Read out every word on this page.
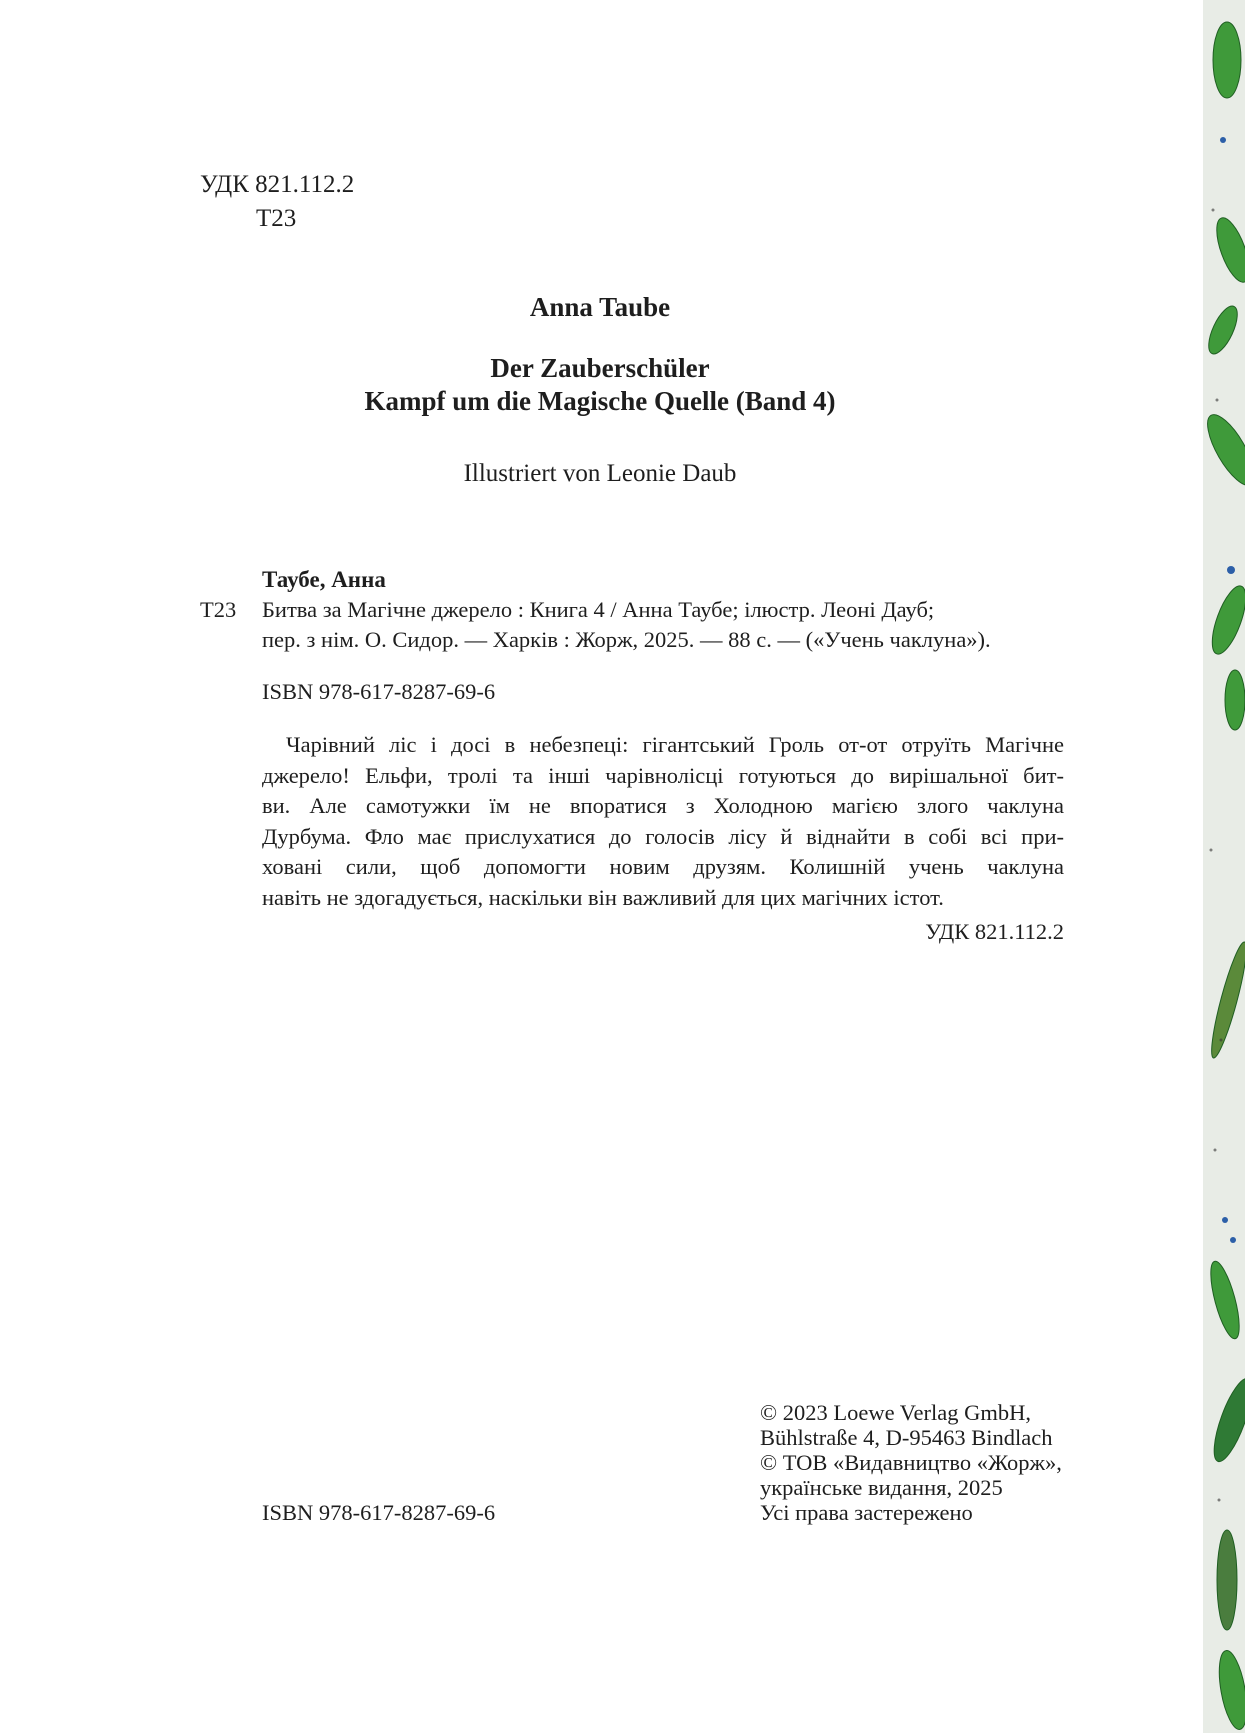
УДК 821.112.2
Т23
Anna Taube
Der Zauberschüler
Kampf um die Magische Quelle (Band 4)
Illustriert von Leonie Daub
Таубе, Анна
Т23	Битва за Магічне джерело : Книга 4 / Анна Таубе; ілюстр. Леоні Дауб;
пер. з нім. О. Сидор. — Харків : Жорж, 2025. — 88 с. — («Учень чаклуна»).
ISBN 978-617-8287-69-6
Чарівний ліс і досі в небезпеці: гігантський Гроль от-от отруїть Магічне
джерело! Ельфи, тролі та інші чарівнолісці готуються до вирішальної бит-
ви. Але самотужки їм не впоратися з Холодною магією злого чаклуна
Дурбума. Фло має прислухатися до голосів лісу й віднайти в собі всі при-
ховані сили, щоб допомогти новим друзям. Колишній учень чаклуна
навіть не здогадується, наскільки він важливий для цих магічних істот.
УДК 821.112.2
ISBN 978-617-8287-69-6
© 2023 Loewe Verlag GmbH,
Bühlstraße 4, D-95463 Bindlach
© ТОВ «Видавництво «Жорж»,
українське видання, 2025
Усі права застережено
